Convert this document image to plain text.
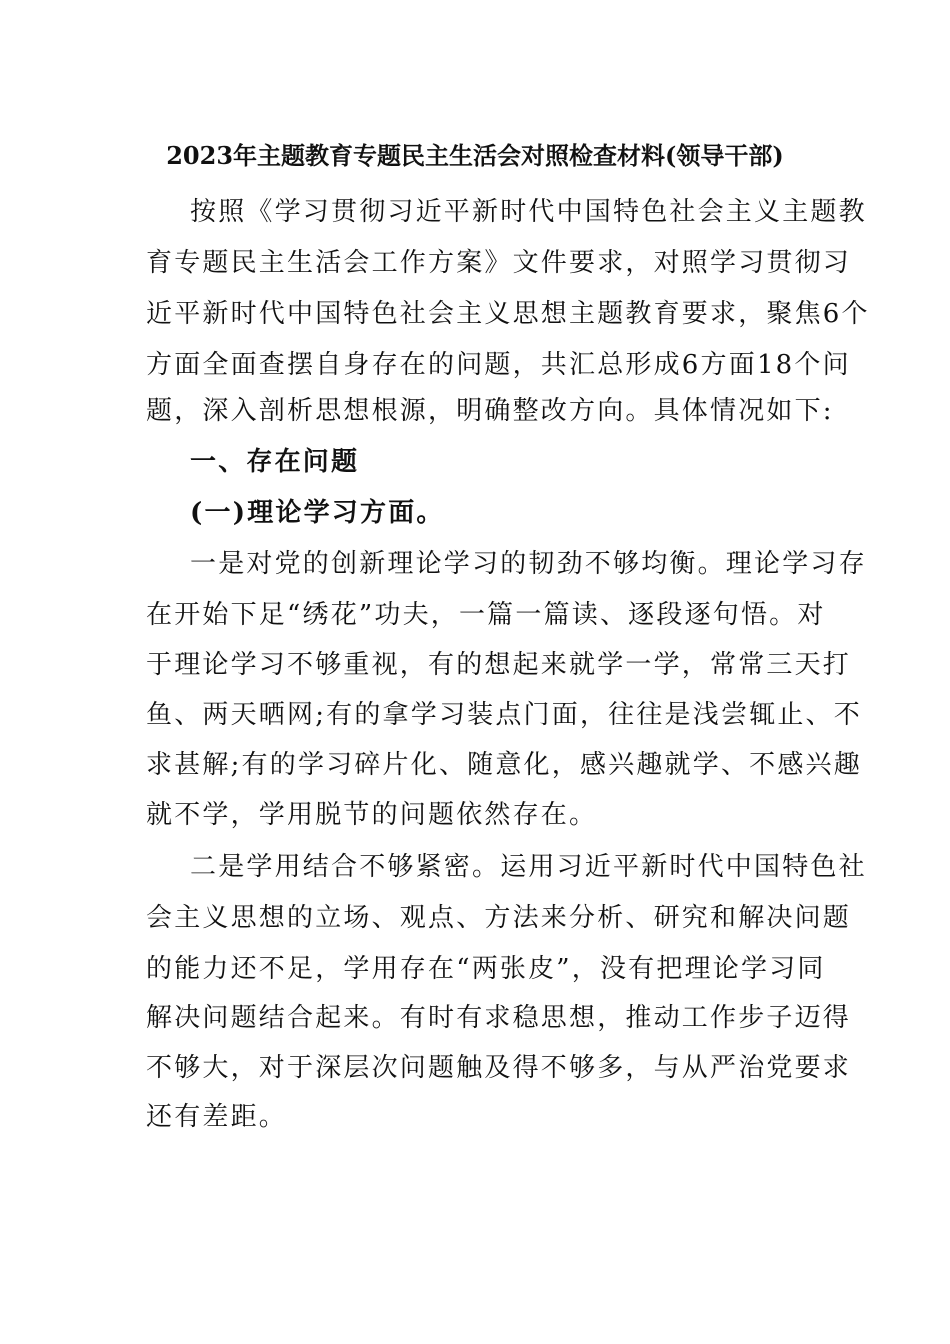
2023年主题教育专题民主生活会对照检查材料(领导干部)
按照《学习贯彻习近平新时代中国特色社会主义主题教
育专题民主生活会工作方案》文件要求，对照学习贯彻习
近平新时代中国特色社会主义思想主题教育要求，聚焦6个
方面全面查摆自身存在的问题，共汇总形成6方面18个问
题，深入剖析思想根源，明确整改方向。具体情况如下:
一、存在问题
(一)理论学习方面。
一是对党的创新理论学习的韧劲不够均衡。理论学习存
在开始下足“绣花”功夫，一篇一篇读、逐段逐句悟。对
于理论学习不够重视，有的想起来就学一学，常常三天打
鱼、两天晒网;有的拿学习装点门面，往往是浅尝辄止、不
求甚解;有的学习碎片化、随意化，感兴趣就学、不感兴趣
就不学，学用脱节的问题依然存在。
二是学用结合不够紧密。运用习近平新时代中国特色社
会主义思想的立场、观点、方法来分析、研究和解决问题
的能力还不足，学用存在“两张皮”，没有把理论学习同
解决问题结合起来。有时有求稳思想，推动工作步子迈得
不够大，对于深层次问题触及得不够多，与从严治党要求
还有差距。
